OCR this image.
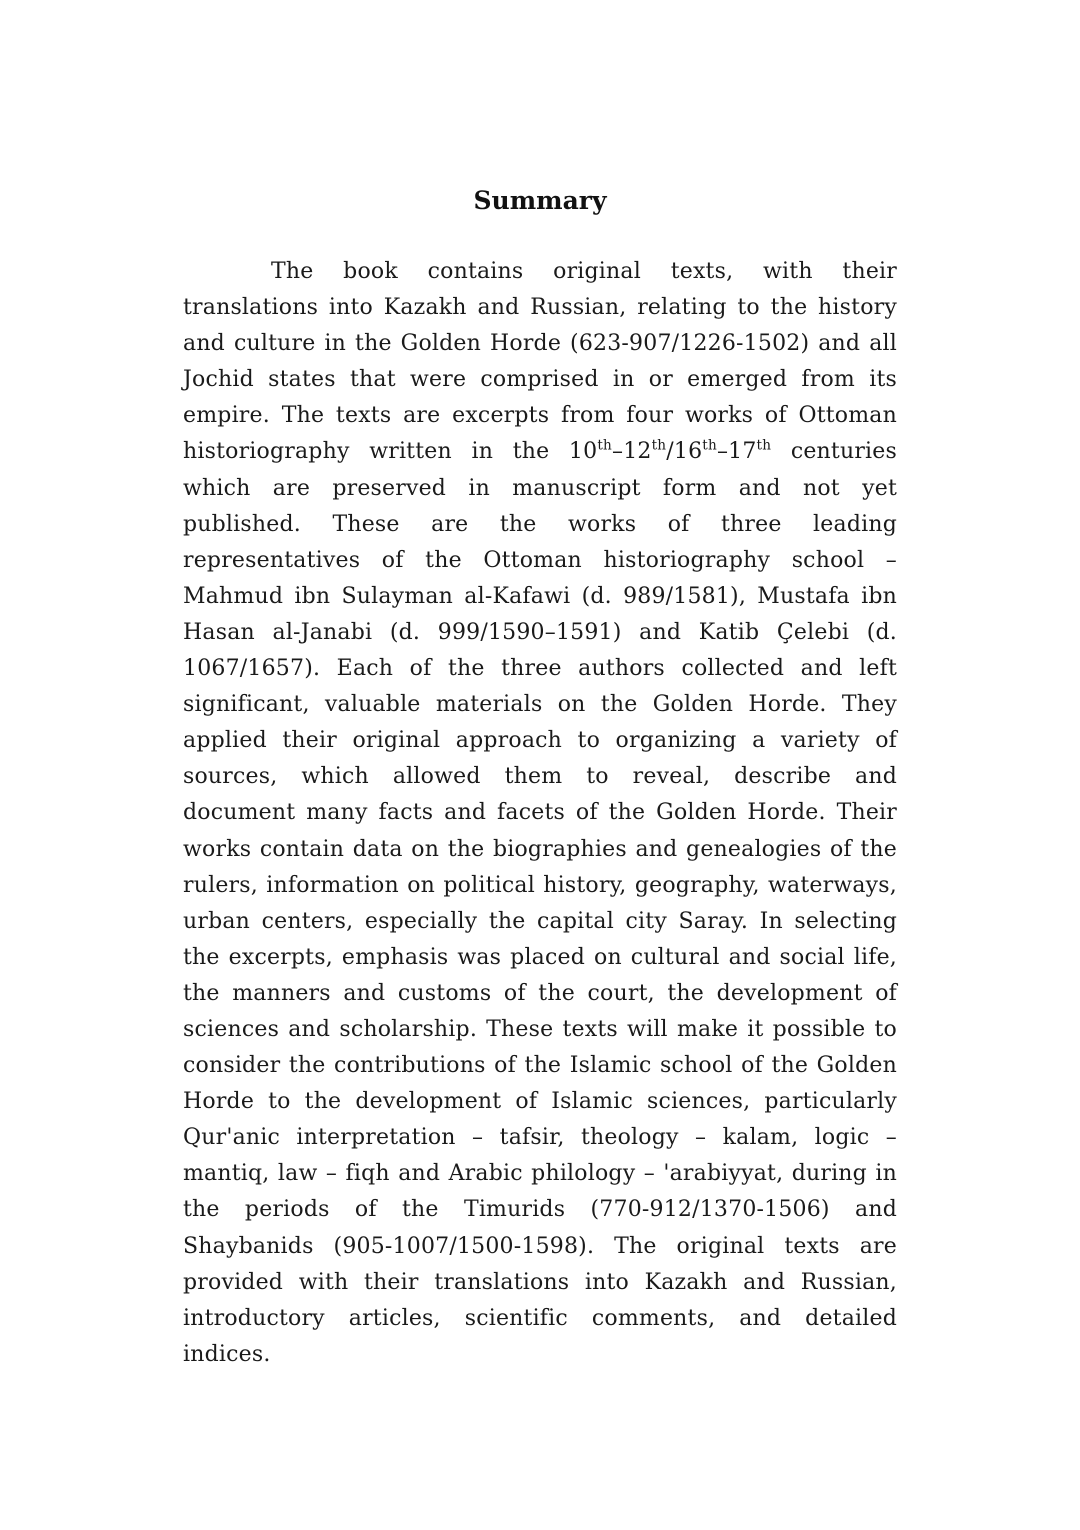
Summary

The book contains original texts, with their translations into Kazakh and Russian, relating to the history and culture in the Golden Horde (623-907/1226-1502) and all Jochid states that were comprised in or emerged from its empire. The texts are excerpts from four works of Ottoman historiography written in the 10th–12th/16th–17th centuries which are preserved in manuscript form and not yet published. These are the works of three leading representatives of the Ottoman historiography school – Mahmud ibn Sulayman al-Kafawi (d. 989/1581), Mustafa ibn Hasan al-Janabi (d. 999/1590–1591) and Katib Çelebi (d. 1067/1657). Each of the three authors collected and left significant, valuable materials on the Golden Horde. They applied their original approach to organizing a variety of sources, which allowed them to reveal, describe and document many facts and facets of the Golden Horde. Their works contain data on the biographies and genealogies of the rulers, information on political history, geography, waterways, urban centers, especially the capital city Saray. In selecting the excerpts, emphasis was placed on cultural and social life, the manners and customs of the court, the development of sciences and scholarship. These texts will make it possible to consider the contributions of the Islamic school of the Golden Horde to the development of Islamic sciences, particularly Qur'anic interpretation – tafsir, theology – kalam, logic – mantiq, law – fiqh and Arabic philology – 'arabiyyat, during in the periods of the Timurids (770-912/1370-1506) and Shaybanids (905-1007/1500-1598). The original texts are provided with their translations into Kazakh and Russian, introductory articles, scientific comments, and detailed indices.
